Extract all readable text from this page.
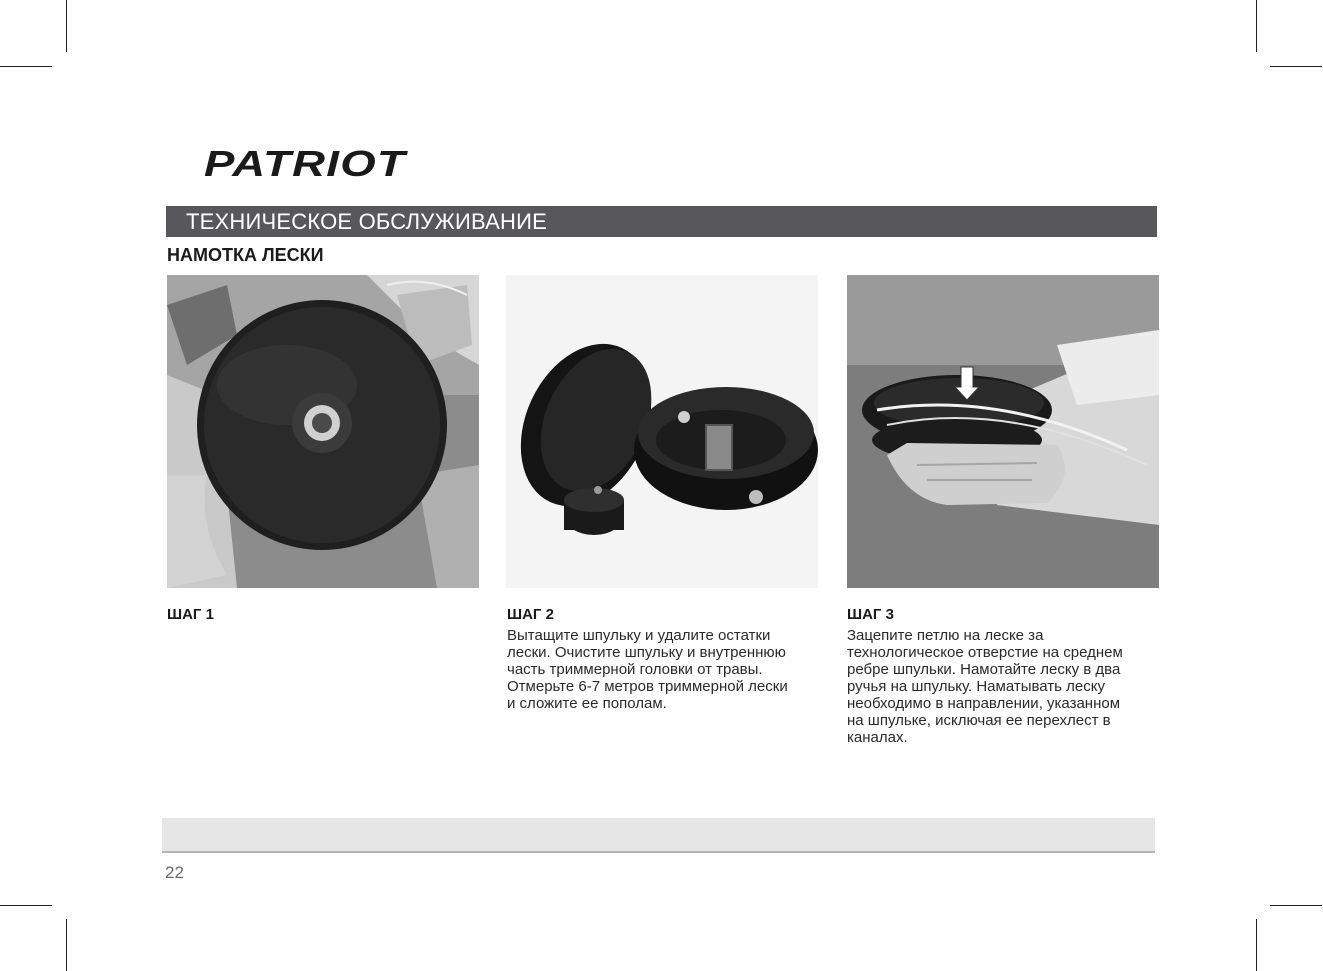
PATRIOT
ТЕХНИЧЕСКОЕ ОБСЛУЖИВАНИЕ
НАМОТКА ЛЕСКИ
ШАГ 1	ШАГ 2
Вытащите шпульку и удалите остатки
лески. Очистите шпульку и внутреннюю
часть триммерной головки от травы.
Отмерьте 6-7 метров триммерной лески
и сложите ее пополам.
ШАГ 3
Зацепите петлю на леске за
технологическое отверстие на среднем
ребре шпульки. Намотайте леску в два
ручья на шпульку. Наматывать леску
необходимо в направлении, указанном
на шпульке, исключая ее перехлест в
каналах.
22
